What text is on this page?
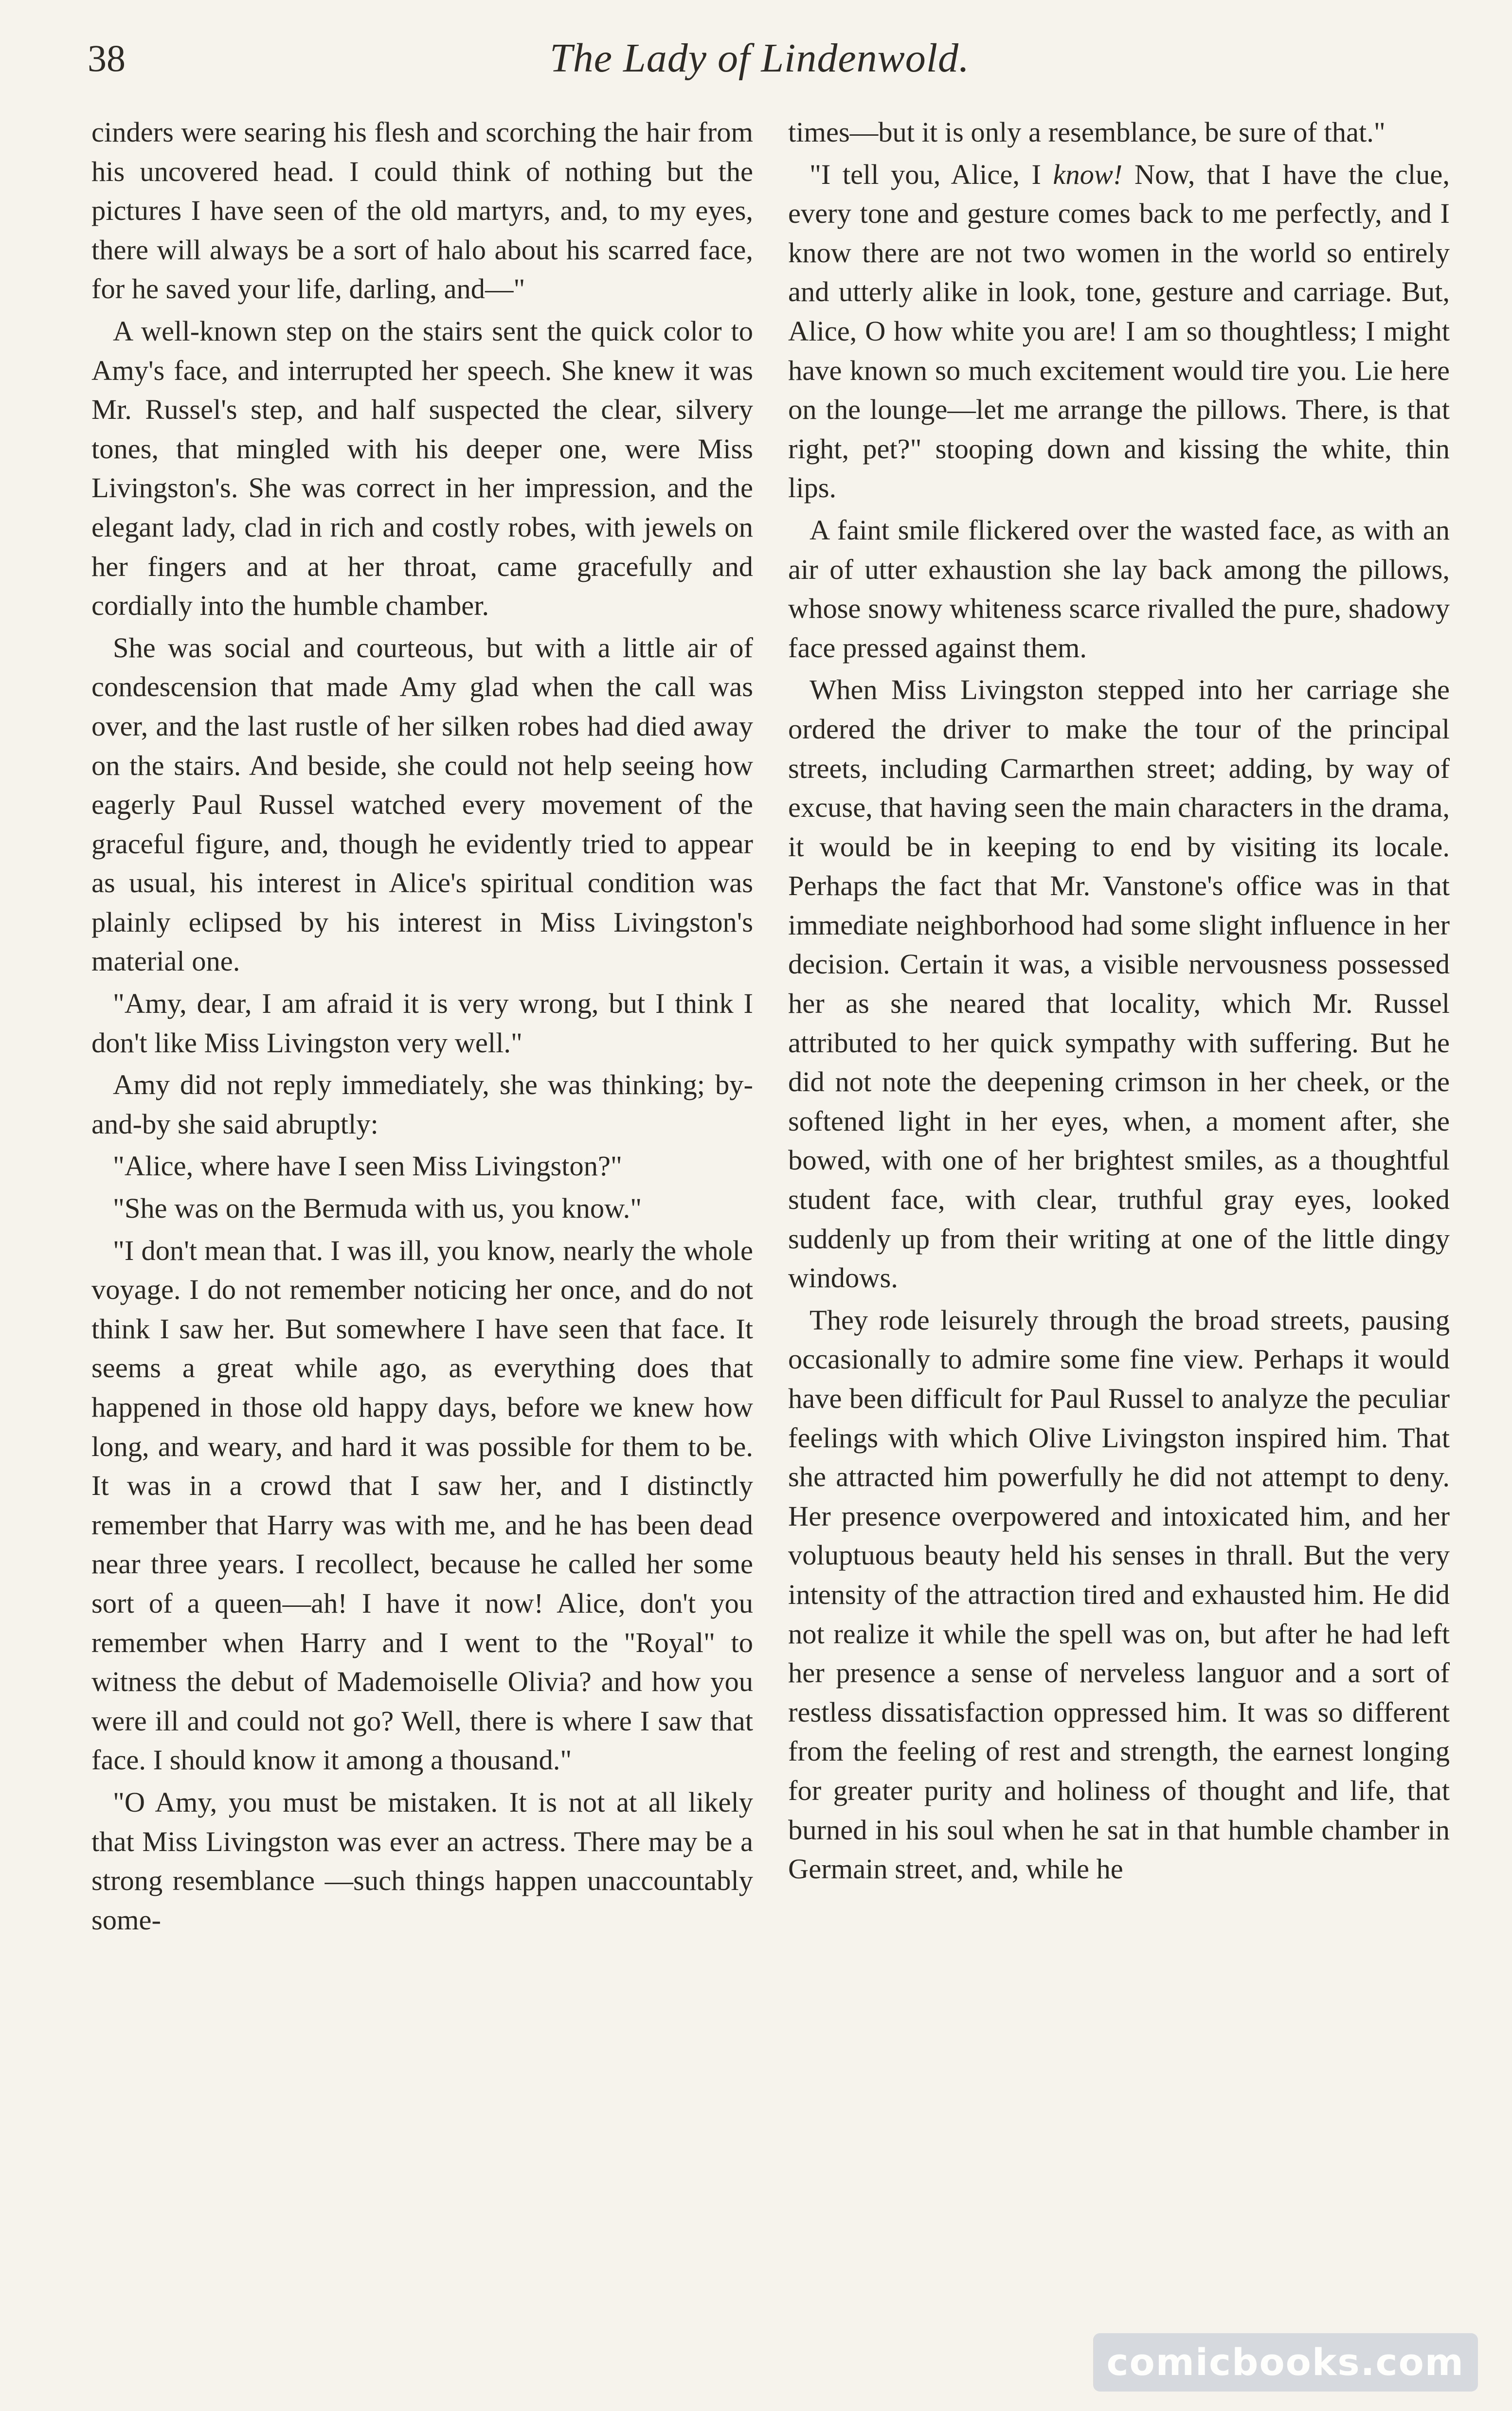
38	The Lady of Lindenwold.

cinders were searing his flesh and scorching the hair from his uncovered head. I could think of nothing but the pictures I have seen of the old martyrs, and, to my eyes, there will always be a sort of halo about his scarred face, for he saved your life, darling, and—"

A well-known step on the stairs sent the quick color to Amy's face, and interrupted her speech. She knew it was Mr. Russel's step, and half suspected the clear, silvery tones, that mingled with his deeper one, were Miss Livingston's. She was correct in her impression, and the elegant lady, clad in rich and costly robes, with jewels on her fingers and at her throat, came gracefully and cordially into the humble chamber.

She was social and courteous, but with a little air of condescension that made Amy glad when the call was over, and the last rustle of her silken robes had died away on the stairs. And beside, she could not help seeing how eagerly Paul Russel watched every movement of the graceful figure, and, though he evidently tried to appear as usual, his interest in Alice's spiritual condition was plainly eclipsed by his interest in Miss Livingston's material one.

"Amy, dear, I am afraid it is very wrong, but I think I don't like Miss Livingston very well."

Amy did not reply immediately, she was thinking; by-and-by she said abruptly:

"Alice, where have I seen Miss Livingston?"

"She was on the Bermuda with us, you know."

"I don't mean that. I was ill, you know, nearly the whole voyage. I do not remember noticing her once, and do not think I saw her. But somewhere I have seen that face. It seems a great while ago, as everything does that happened in those old happy days, before we knew how long, and weary, and hard it was possible for them to be. It was in a crowd that I saw her, and I distinctly remember that Harry was with me, and he has been dead near three years. I recollect, because he called her some sort of a queen—ah! I have it now! Alice, don't you remember when Harry and I went to the "Royal" to witness the debut of Mademoiselle Olivia? and how you were ill and could not go? Well, there is where I saw that face. I should know it among a thousand."

"O Amy, you must be mistaken. It is not at all likely that Miss Livingston was ever an actress. There may be a strong resemblance —such things happen unaccountably some-

times—but it is only a resemblance, be sure of that."

"I tell you, Alice, I know! Now, that I have the clue, every tone and gesture comes back to me perfectly, and I know there are not two women in the world so entirely and utterly alike in look, tone, gesture and carriage. But, Alice, O how white you are! I am so thoughtless; I might have known so much excitement would tire you. Lie here on the lounge—let me arrange the pillows. There, is that right, pet?" stooping down and kissing the white, thin lips.

A faint smile flickered over the wasted face, as with an air of utter exhaustion she lay back among the pillows, whose snowy whiteness scarce rivalled the pure, shadowy face pressed against them.

When Miss Livingston stepped into her carriage she ordered the driver to make the tour of the principal streets, including Carmarthen street; adding, by way of excuse, that having seen the main characters in the drama, it would be in keeping to end by visiting its locale. Perhaps the fact that Mr. Vanstone's office was in that immediate neighborhood had some slight influence in her decision. Certain it was, a visible nervousness possessed her as she neared that locality, which Mr. Russel attributed to her quick sympathy with suffering. But he did not note the deepening crimson in her cheek, or the softened light in her eyes, when, a moment after, she bowed, with one of her brightest smiles, as a thoughtful student face, with clear, truthful gray eyes, looked suddenly up from their writing at one of the little dingy windows.

They rode leisurely through the broad streets, pausing occasionally to admire some fine view. Perhaps it would have been difficult for Paul Russel to analyze the peculiar feelings with which Olive Livingston inspired him. That she attracted him powerfully he did not attempt to deny. Her presence overpowered and intoxicated him, and her voluptuous beauty held his senses in thrall. But the very intensity of the attraction tired and exhausted him. He did not realize it while the spell was on, but after he had left her presence a sense of nerveless languor and a sort of restless dissatisfaction oppressed him. It was so different from the feeling of rest and strength, the earnest longing for greater purity and holiness of thought and life, that burned in his soul when he sat in that humble chamber in Germain street, and, while he

comicbooks.com
